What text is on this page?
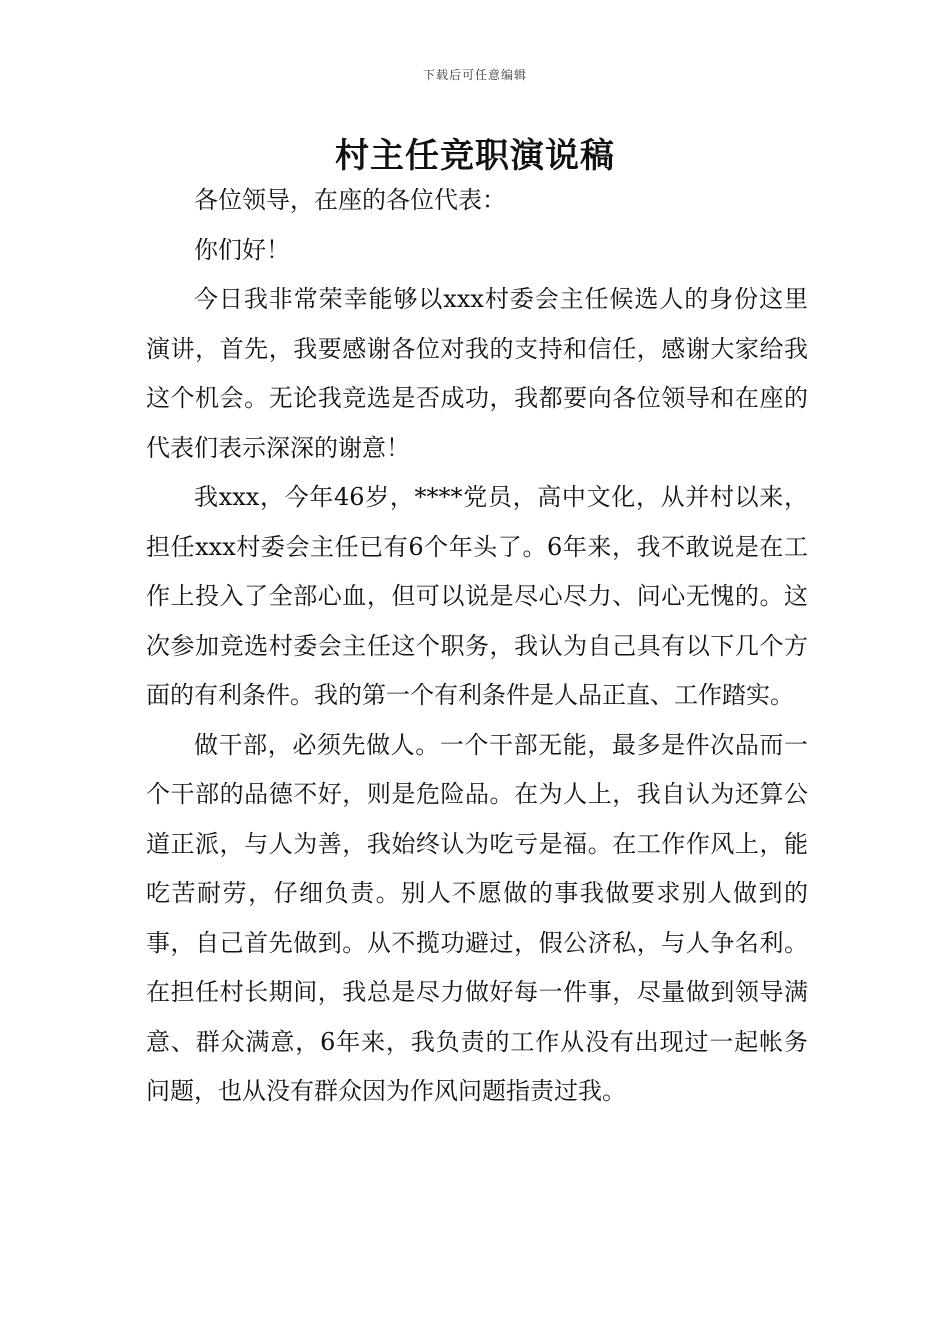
下载后可任意编辑
村主任竞职演说稿

各位领导，在座的各位代表：

你们好！

今日我非常荣幸能够以xxx村委会主任候选人的身份这里演讲，首先，我要感谢各位对我的支持和信任，感谢大家给我这个机会。无论我竞选是否成功，我都要向各位领导和在座的代表们表示深深的谢意！

我xxx，今年46岁，****党员，高中文化，从并村以来，担任xxx村委会主任已有6个年头了。6年来，我不敢说是在工作上投入了全部心血，但可以说是尽心尽力、问心无愧的。这次参加竞选村委会主任这个职务，我认为自己具有以下几个方面的有利条件。我的第一个有利条件是人品正直、工作踏实。

做干部，必须先做人。一个干部无能，最多是件次品而一个干部的品德不好，则是危险品。在为人上，我自认为还算公道正派，与人为善，我始终认为吃亏是福。在工作作风上，能吃苦耐劳，仔细负责。别人不愿做的事我做要求别人做到的事，自己首先做到。从不揽功避过，假公济私，与人争名利。在担任村长期间，我总是尽力做好每一件事，尽量做到领导满意、群众满意，6年来，我负责的工作从没有出现过一起帐务问题，也从没有群众因为作风问题指责过我。
